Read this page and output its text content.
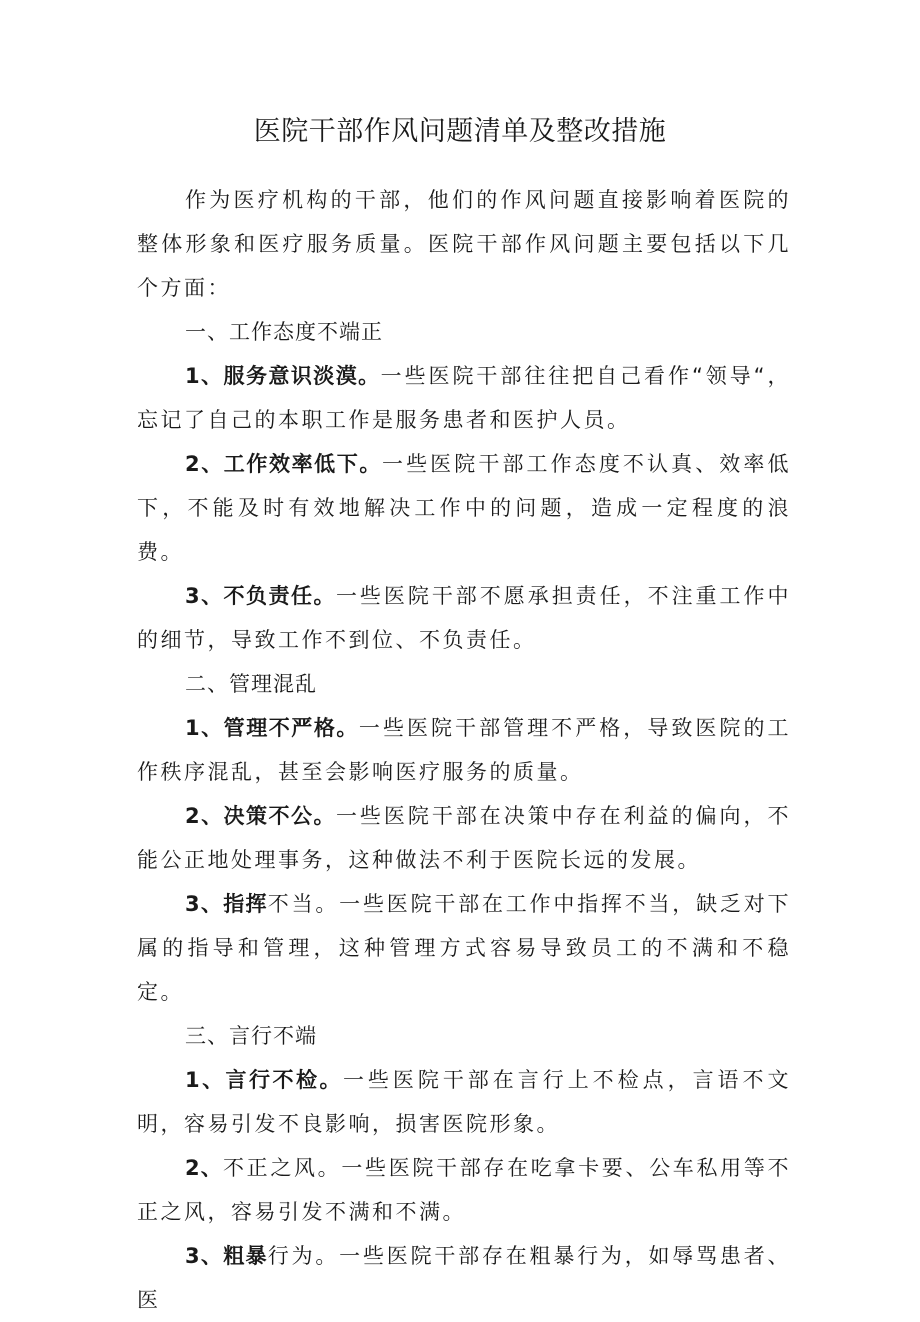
医院干部作风问题清单及整改措施

作为医疗机构的干部，他们的作风问题直接影响着医院的整体形象和医疗服务质量。医院干部作风问题主要包括以下几个方面：

一、工作态度不端正

1、服务意识淡漠。一些医院干部往往把自己看作“领导“，忘记了自己的本职工作是服务患者和医护人员。

2、工作效率低下。一些医院干部工作态度不认真、效率低下，不能及时有效地解决工作中的问题，造成一定程度的浪费。

3、不负责任。一些医院干部不愿承担责任，不注重工作中的细节，导致工作不到位、不负责任。

二、管理混乱

1、管理不严格。一些医院干部管理不严格，导致医院的工作秩序混乱，甚至会影响医疗服务的质量。

2、决策不公。一些医院干部在决策中存在利益的偏向，不能公正地处理事务，这种做法不利于医院长远的发展。

3、指挥不当。一些医院干部在工作中指挥不当，缺乏对下属的指导和管理，这种管理方式容易导致员工的不满和不稳定。

三、言行不端

1、言行不检。一些医院干部在言行上不检点，言语不文明，容易引发不良影响，损害医院形象。

2、不正之风。一些医院干部存在吃拿卡要、公车私用等不正之风，容易引发不满和不满。

3、粗暴行为。一些医院干部存在粗暴行为，如辱骂患者、医
